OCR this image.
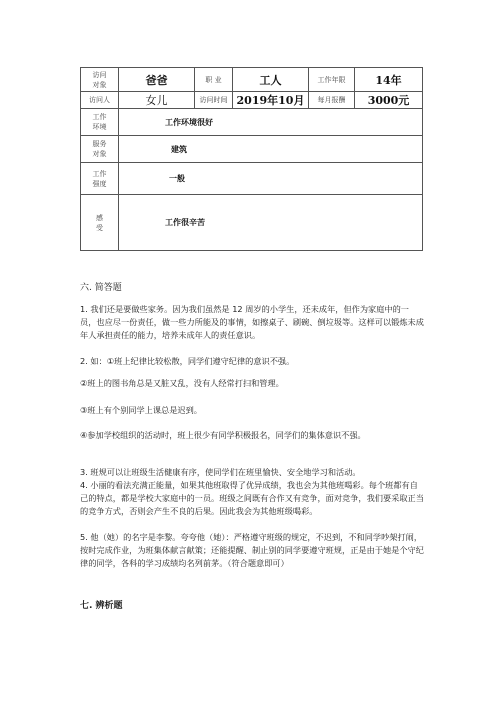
访问
对象	爸爸	职 业	工人	工作年限	14年
访问人	女儿	访问时间	2019年10月	每月报酬	3000元
工作
环境	工作环境很好				
服务
对象	建筑				
工作
强度	一般				
感
受	工作很辛苦				
六. 简答题
1. 我们还是要做些家务。因为我们虽然是 12 周岁的小学生，还未成年，但作为家庭中的一员，也应尽一份责任，做一些力所能及的事情，如擦桌子、刷碗、倒垃圾等。这样可以锻炼未成年人承担责任的能力，培养未成年人的责任意识。
2. 如：①班上纪律比较松散，同学们遵守纪律的意识不强。
②班上的图书角总是又脏又乱，没有人经常打扫和管理。
③班上有个别同学上课总是迟到。
④参加学校组织的活动时，班上很少有同学积极报名，同学们的集体意识不强。
3. 班规可以让班级生活健康有序，使同学们在班里愉快、安全地学习和活动。
4. 小丽的看法充满正能量，如果其他班取得了优异成绩，我也会为其他班喝彩。每个班都有自己的特点，都是学校大家庭中的一员。班级之间既有合作又有竞争，面对竞争，我们要采取正当的竞争方式，否则会产生不良的后果。因此我会为其他班级喝彩。
5. 他（她）的名字是李黎。夸夸他（她）：严格遵守班级的规定，不迟到，不和同学吵架打闹，按时完成作业，为班集体献言献策；还能提醒、制止别的同学要遵守班规，正是由于她是个守纪律的同学，各科的学习成绩均名列前茅。（符合题意即可）
七. 辨析题
